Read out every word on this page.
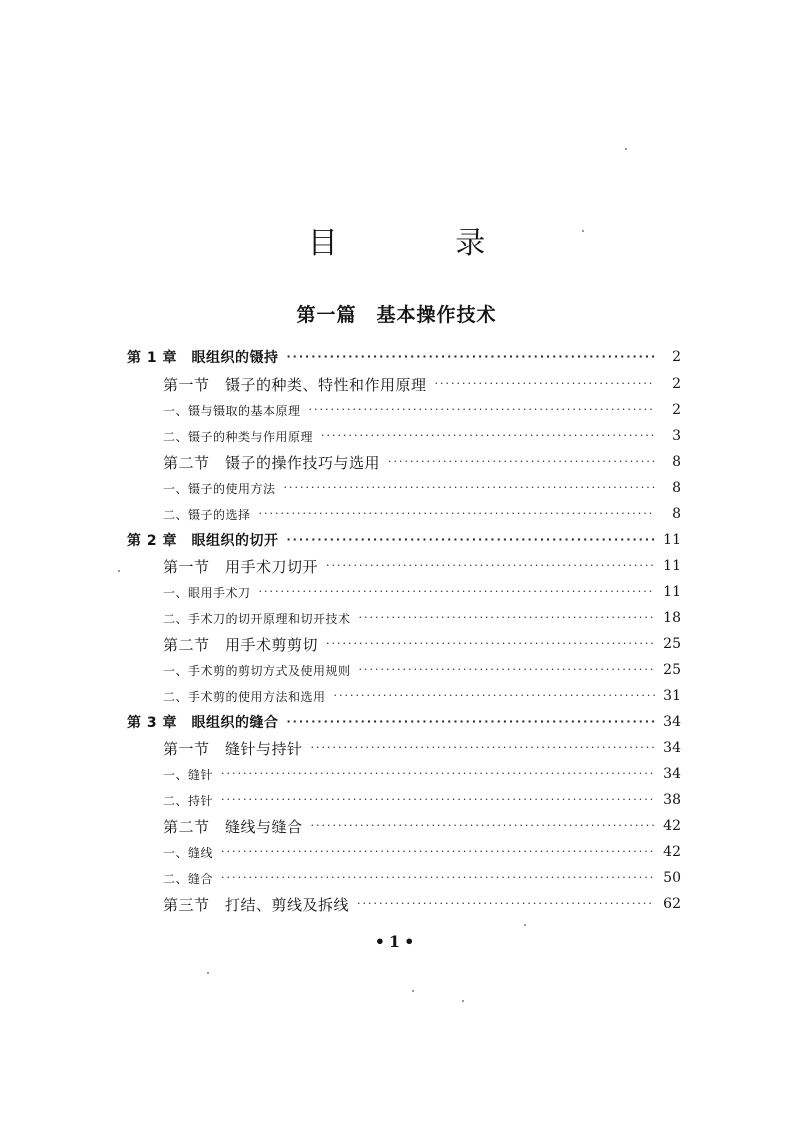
目 录
第一篇　基本操作技术
第 1 章　眼组织的镊持 ·····	2
第一节　镊子的种类、特性和作用原理 ·····	2
一、镊与镊取的基本原理 ·····	2
二、镊子的种类与作用原理 ·····	3
第二节　镊子的操作技巧与选用 ·····	8
一、镊子的使用方法 ·····	8
二、镊子的选择 ·····	8
第 2 章　眼组织的切开 ·····	11
第一节　用手术刀切开 ·····	11
一、眼用手术刀 ·····	11
二、手术刀的切开原理和切开技术 ·····	18
第二节　用手术剪剪切 ·····	25
一、手术剪的剪切方式及使用规则 ·····	25
二、手术剪的使用方法和选用 ·····	31
第 3 章　眼组织的缝合 ·····	34
第一节　缝针与持针 ·····	34
一、缝针 ·····	34
二、持针 ·····	38
第二节　缝线与缝合 ·····	42
一、缝线 ·····	42
二、缝合 ·····	50
第三节　打结、剪线及拆线 ·····	62
•1•
